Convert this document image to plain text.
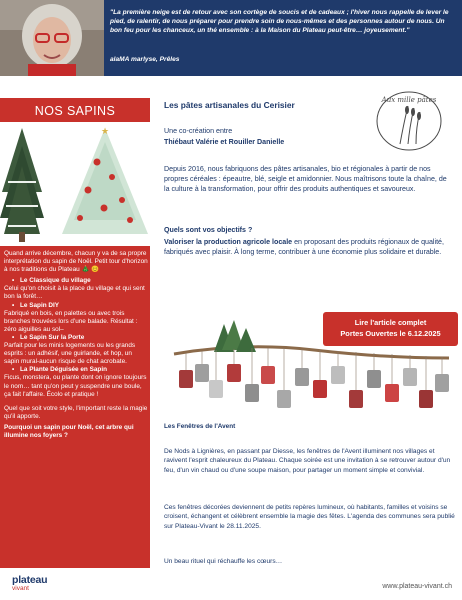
"La première neige est de retour avec son cortège de soucis et de cadeaux ; l'hiver nous rappelle de lever le pied, de ralentir, de nous préparer pour prendre soin de nous-mêmes et des personnes autour de nous. Un bon feu pour les chanceux, un thé ensemble : à la Maison du Plateau peut-être… joyeusement."
alaMA marlyse, Prêles
NOS SAPINS
★

Quand arrive décembre, chacun y va de sa propre interprétation du sapin de Noël. Petit tour d'horizon à nos traditions du Plateau 🎄 😊

• Le Classique du village
Celui qu'on choisit à la place du village et qui sent bon la forêt…
• Le Sapin DIY
Fabriqué en bois, en palettes ou avec trois branches trouvées lors d'une balade. Résultat : zéro aiguilles au sol–
• Le Sapin Sur la Porte
Parfait pour les minis logements ou les grands esprits : un adhésif, une guirlande, et hop, un sapin mural-aucun risque de chat acrobate.
• La Plante Déguisée en Sapin
Ficus, monstera, ou plante dont on ignore toujours le nom… tant qu'on peut y suspendre une boule, ça fait l'affaire. Écolo et pratique !

Quel que soit votre style, l'important reste la magie qu'il apporte.

Pourquoi un sapin pour Noël, cet arbre qui illumine nos foyers ?

Les pâtes artisanales du Cerisier	Aux mille pâtes
Une co-création entre
Thiébaut Valérie et Rouiller Danielle
Depuis 2016, nous fabriquons des pâtes artisanales, bio et régionales à partir de nos propres céréales : épeautre, blé, seigle et amidonnier. Nous maîtrisons toute la chaîne, de la culture à la transformation, pour offrir des produits authentiques et savoureux.
Quels sont vos objectifs ?
Valoriser la production agricole locale en proposant des produits régionaux de qualité, fabriqués avec plaisir. À long terme, contribuer à une économie plus solidaire et durable.
Lire l'article complet
Portes Ouvertes le 6.12.2025
Les Fenêtres de l'Avent
De Nods à Lignières, en passant par Diesse, les fenêtres de l'Avent illuminent nos villages et ravivent l'esprit chaleureux du Plateau. Chaque soirée est une invitation à se retrouver autour d'un feu, d'un vin chaud ou d'une soupe maison, pour partager un moment simple et convivial.
Ces fenêtres décorées deviennent de petits repères lumineux, où habitants, familles et voisins se croisent, échangent et célèbrent ensemble la magie des fêtes. L'agenda des communes sera publié sur Plateau-Vivant le 28.11.2025.
Un beau rituel qui réchauffe les cœurs…
plateau
vivant	www.plateau-vivant.ch
